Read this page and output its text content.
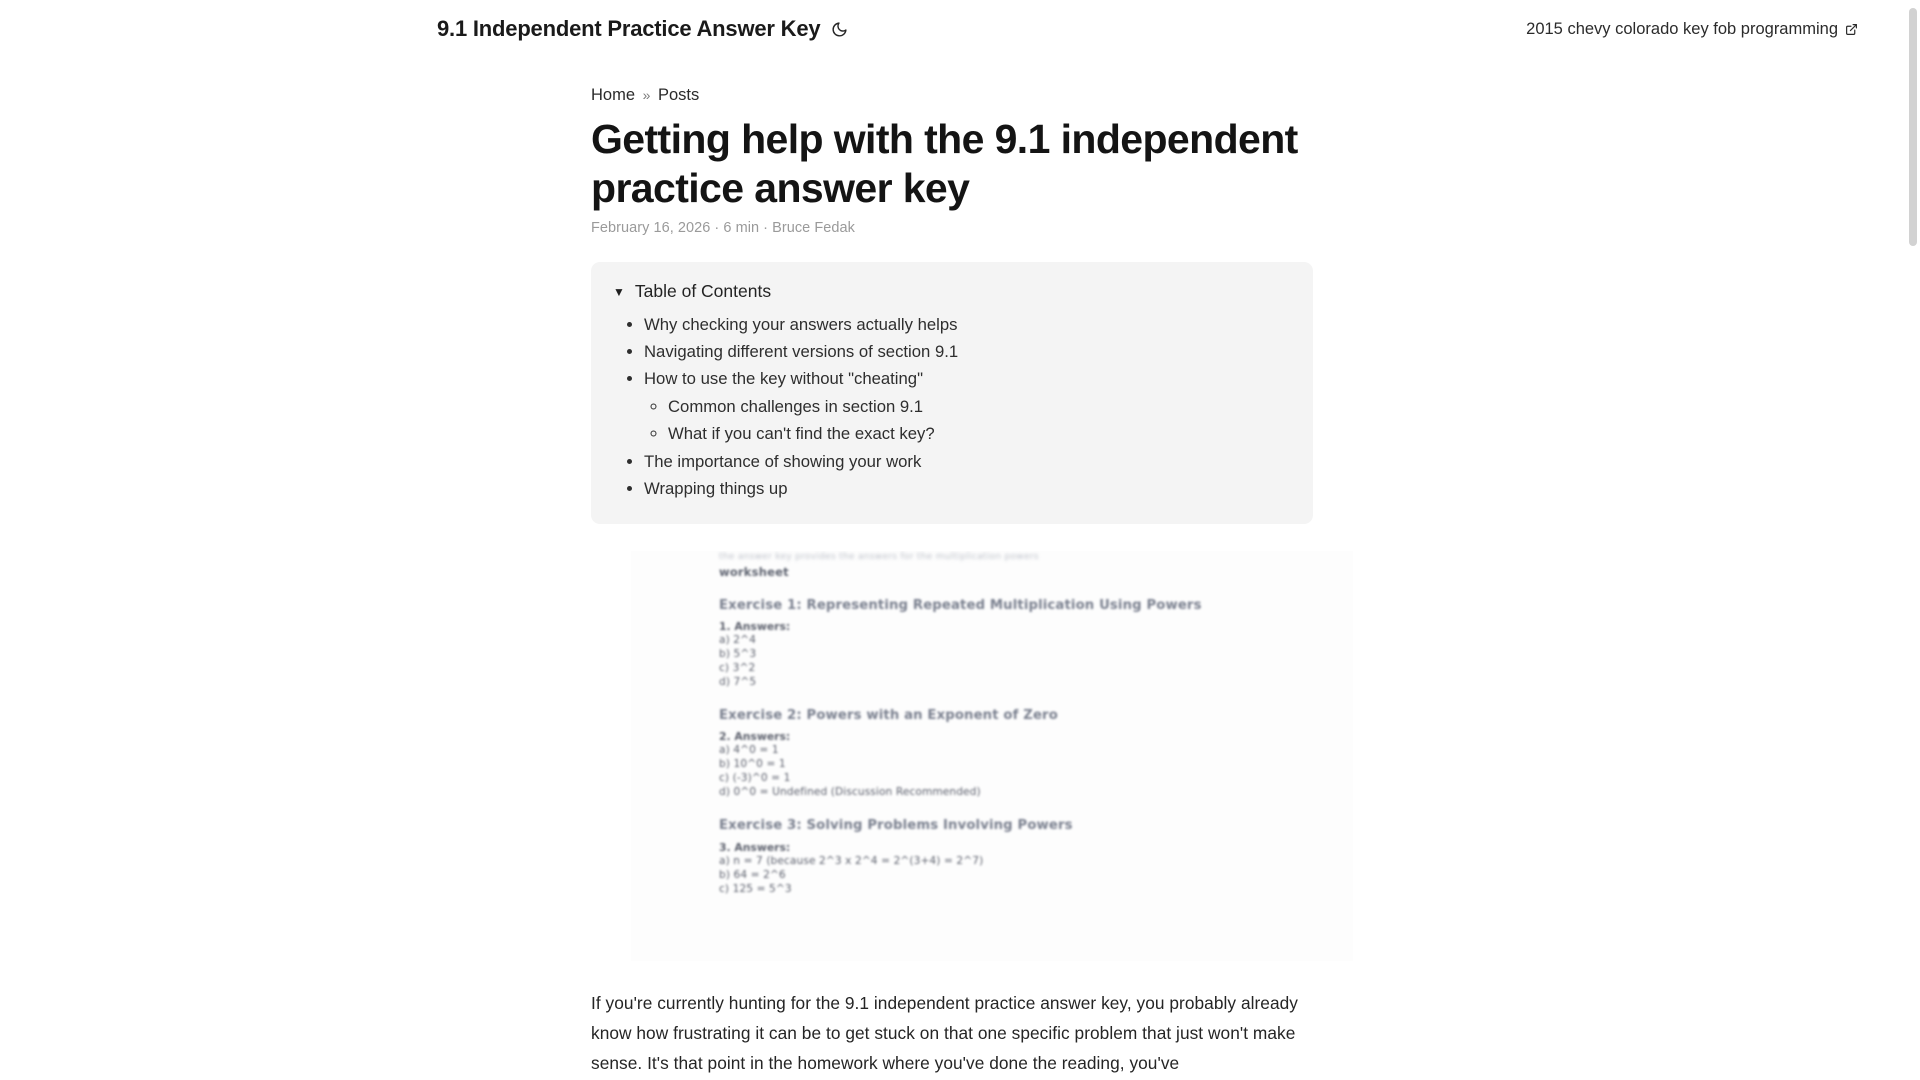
9.1 Independent Practice Answer Key	2015 chevy colorado key fob programming
Home » Posts
Getting help with the 9.1 independent practice answer key
February 16, 2026 · 6 min · Bruce Fedak
▼ Table of Contents
• Why checking your answers actually helps
• Navigating different versions of section 9.1
• How to use the key without "cheating"
◦ Common challenges in section 9.1
◦ What if you can't find the exact key?
• The importance of showing your work
• Wrapping things up
the answer key provides the answers for the multiplication powers
worksheet
Exercise 1: Representing Repeated Multiplication Using Powers
1. Answers:
a) 2^4
b) 5^3
c) 3^2
d) 7^5
Exercise 2: Powers with an Exponent of Zero
2. Answers:
a) 4^0 = 1
b) 10^0 = 1
c) (-3)^0 = 1
d) 0^0 = Undefined (Discussion Recommended)
Exercise 3: Solving Problems Involving Powers
3. Answers:
a) n = 7 (because 2^3 x 2^4 = 2^(3+4) = 2^7)
b) 64 = 2^6
c) 125 = 5^3

If you're currently hunting for the 9.1 independent practice answer key, you probably already know how frustrating it can be to get stuck on that one specific problem that just won't make sense. It's that point in the homework where you've done the reading, you've
